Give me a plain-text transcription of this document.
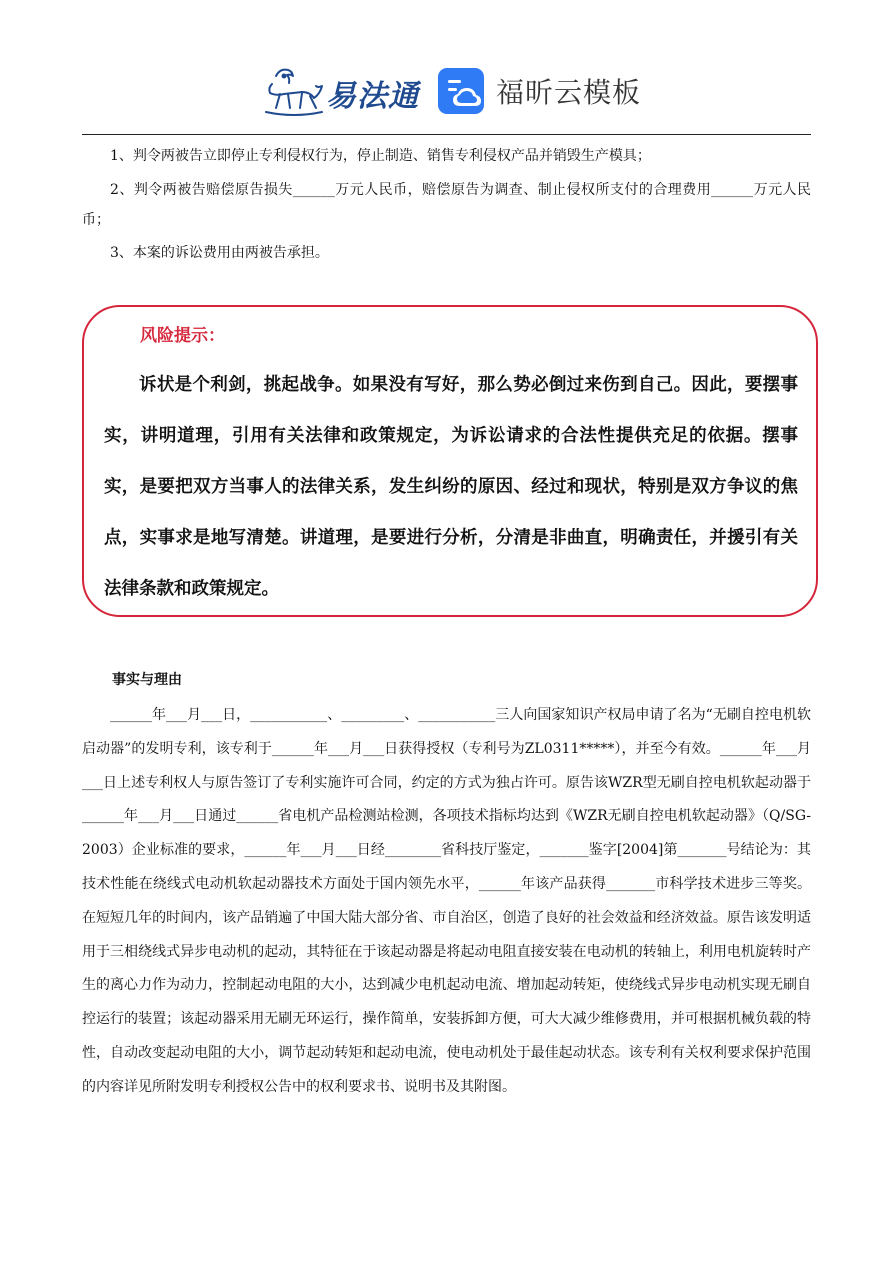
易法通	福昕云模板

1、判令两被告立即停止专利侵权行为，停止制造、销售专利侵权产品并销毁生产模具；

2、判令两被告赔偿原告损失______万元人民币，赔偿原告为调查、制止侵权所支付的合理费用______万元人民币；

3、本案的诉讼费用由两被告承担。

风险提示：

诉状是个利剑，挑起战争。如果没有写好，那么势必倒过来伤到自己。因此，要摆事实，讲明道理，引用有关法律和政策规定，为诉讼请求的合法性提供充足的依据。摆事实，是要把双方当事人的法律关系，发生纠纷的原因、经过和现状，特别是双方争议的焦点，实事求是地写清楚。讲道理，是要进行分析，分清是非曲直，明确责任，并援引有关法律条款和政策规定。

事实与理由

______年___月___日，___________、_________、___________三人向国家知识产权局申请了名为“无刷自控电机软启动器”的发明专利，该专利于______年___月___日获得授权（专利号为ZL0311*****），并至今有效。______年___月___日上述专利权人与原告签订了专利实施许可合同，约定的方式为独占许可。原告该WZR型无刷自控电机软起动器于______年___月___日通过______省电机产品检测站检测，各项技术指标均达到《WZR无刷自控电机软起动器》（Q/SG-2003）企业标准的要求，______年___月___日经________省科技厅鉴定，_______鉴字[2004]第_______号结论为：其技术性能在绕线式电动机软起动器技术方面处于国内领先水平，______年该产品获得_______市科学技术进步三等奖。在短短几年的时间内，该产品销遍了中国大陆大部分省、市自治区，创造了良好的社会效益和经济效益。原告该发明适用于三相绕线式异步电动机的起动，其特征在于该起动器是将起动电阻直接安装在电动机的转轴上，利用电机旋转时产生的离心力作为动力，控制起动电阻的大小，达到减少电机起动电流、增加起动转矩，使绕线式异步电动机实现无刷自控运行的装置；该起动器采用无刷无环运行，操作简单，安装拆卸方便，可大大减少维修费用，并可根据机械负载的特性，自动改变起动电阻的大小，调节起动转矩和起动电流，使电动机处于最佳起动状态。该专利有关权利要求保护范围的内容详见所附发明专利授权公告中的权利要求书、说明书及其附图。
